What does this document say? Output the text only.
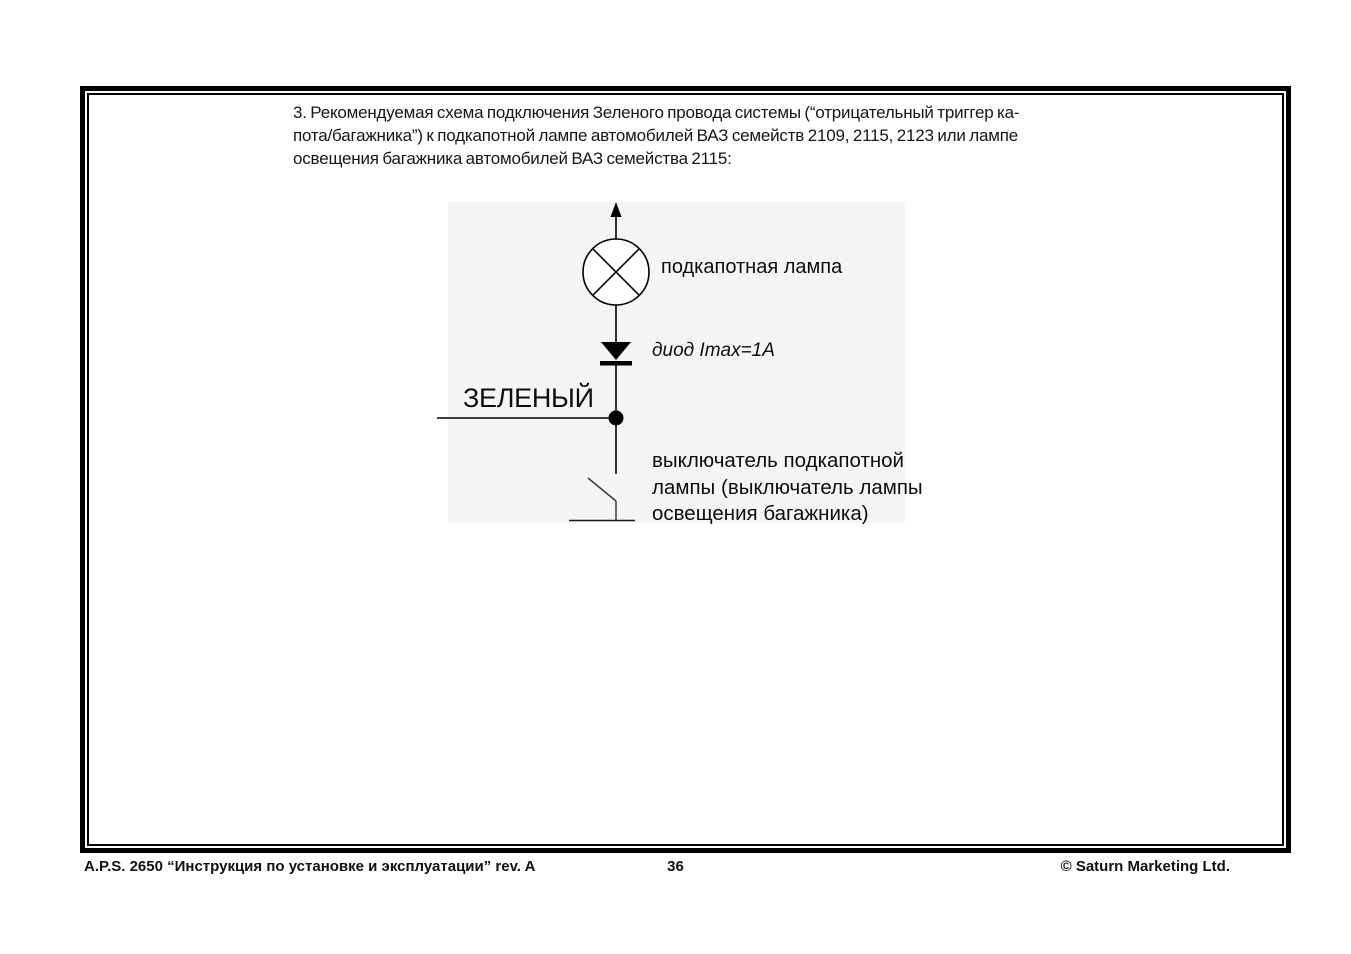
3. Рекомендуемая схема подключения Зеленого провода системы (“отрицательный триггер ка-
пота/багажника”) к подкапотной лампе автомобилей ВАЗ семейств 2109, 2115, 2123 или лампе
освещения багажника автомобилей ВАЗ семейства 2115:
подкапотная лампа
диод Imax=1A
ЗЕЛЕНЫЙ
выключатель подкапотной
лампы (выключатель лампы
освещения багажника)
A.P.S. 2650 “Инструкция по установке и эксплуатации” rev. A	36	© Saturn Marketing Ltd.
